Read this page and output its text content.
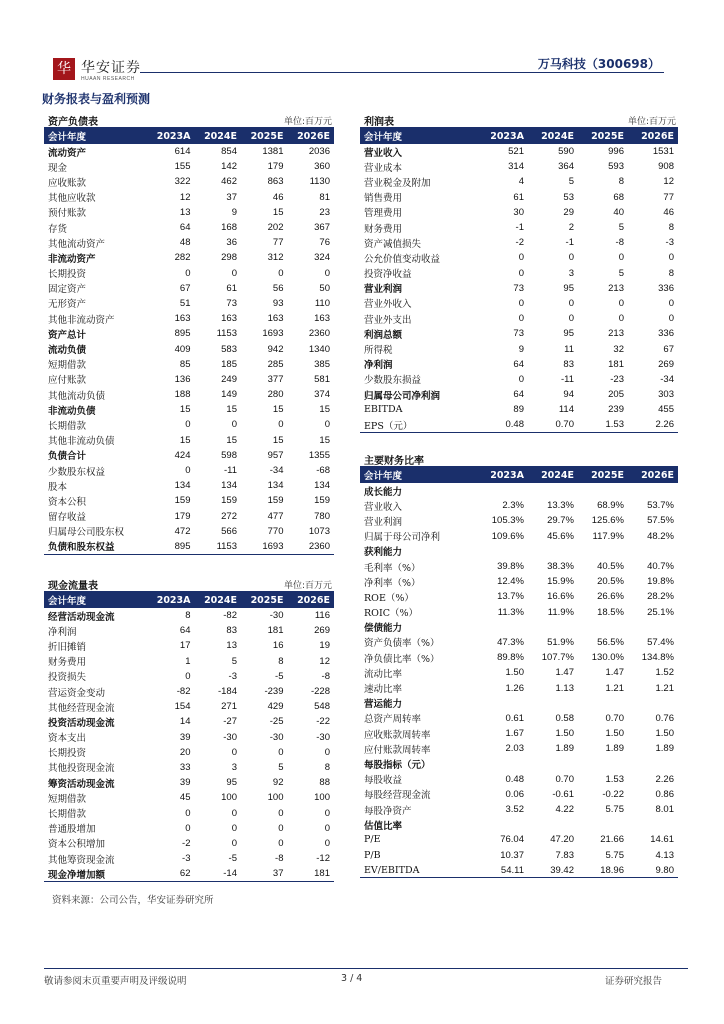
华 华安证券
HUAAN RESEARCH
万马科技（300698）
财务报表与盈利预测
资产负债表	单位:百万元
会计年度	2023A	2024E	2025E	2026E
流动资产	614	854	1381	2036
现金	155	142	179	360
应收账款	322	462	863	1130
其他应收款	12	37	46	81
预付账款	13	9	15	23
存货	64	168	202	367
其他流动资产	48	36	77	76
非流动资产	282	298	312	324
长期投资	0	0	0	0
固定资产	67	61	56	50
无形资产	51	73	93	110
其他非流动资产	163	163	163	163
资产总计	895	1153	1693	2360
流动负债	409	583	942	1340
短期借款	85	185	285	385
应付账款	136	249	377	581
其他流动负债	188	149	280	374
非流动负债	15	15	15	15
长期借款	0	0	0	0
其他非流动负债	15	15	15	15
负债合计	424	598	957	1355
少数股东权益	0	-11	-34	-68
股本	134	134	134	134
资本公积	159	159	159	159
留存收益	179	272	477	780
归属母公司股东权	472	566	770	1073
负债和股东权益	895	1153	1693	2360
利润表	单位:百万元
会计年度	2023A	2024E	2025E	2026E
营业收入	521	590	996	1531
营业成本	314	364	593	908
营业税金及附加	4	5	8	12
销售费用	61	53	68	77
管理费用	30	29	40	46
财务费用	-1	2	5	8
资产减值损失	-2	-1	-8	-3
公允价值变动收益	0	0	0	0
投资净收益	0	3	5	8
营业利润	73	95	213	336
营业外收入	0	0	0	0
营业外支出	0	0	0	0
利润总额	73	95	213	336
所得税	9	11	32	67
净利润	64	83	181	269
少数股东损益	0	-11	-23	-34
归属母公司净利润	64	94	205	303
EBITDA	89	114	239	455
EPS（元）	0.48	0.70	1.53	2.26
现金流量表	单位:百万元
会计年度	2023A	2024E	2025E	2026E
经营活动现金流	8	-82	-30	116
净利润	64	83	181	269
折旧摊销	17	13	16	19
财务费用	1	5	8	12
投资损失	0	-3	-5	-8
营运资金变动	-82	-184	-239	-228
其他经营现金流	154	271	429	548
投资活动现金流	14	-27	-25	-22
资本支出	39	-30	-30	-30
长期投资	20	0	0	0
其他投资现金流	33	3	5	8
筹资活动现金流	39	95	92	88
短期借款	45	100	100	100
长期借款	0	0	0	0
普通股增加	0	0	0	0
资本公积增加	-2	0	0	0
其他筹资现金流	-3	-5	-8	-12
现金净增加额	62	-14	37	181
主要财务比率
会计年度	2023A	2024E	2025E	2026E
成长能力				
营业收入	2.3%	13.3%	68.9%	53.7%
营业利润	105.3%	29.7%	125.6%	57.5%
归属于母公司净利	109.6%	45.6%	117.9%	48.2%
获利能力				
毛利率（%）	39.8%	38.3%	40.5%	40.7%
净利率（%）	12.4%	15.9%	20.5%	19.8%
ROE（%）	13.7%	16.6%	26.6%	28.2%
ROIC（%）	11.3%	11.9%	18.5%	25.1%
偿债能力				
资产负债率（%）	47.3%	51.9%	56.5%	57.4%
净负债比率（%）	89.8%	107.7%	130.0%	134.8%
流动比率	1.50	1.47	1.47	1.52
速动比率	1.26	1.13	1.21	1.21
营运能力				
总资产周转率	0.61	0.58	0.70	0.76
应收账款周转率	1.67	1.50	1.50	1.50
应付账款周转率	2.03	1.89	1.89	1.89
每股指标（元）				
每股收益	0.48	0.70	1.53	2.26
每股经营现金流	0.06	-0.61	-0.22	0.86
每股净资产	3.52	4.22	5.75	8.01
估值比率				
P/E	76.04	47.20	21.66	14.61
P/B	10.37	7.83	5.75	4.13
EV/EBITDA	54.11	39.42	18.96	9.80
资料来源：公司公告，华安证券研究所
敬请参阅末页重要声明及评级说明	3 / 4	证券研究报告
